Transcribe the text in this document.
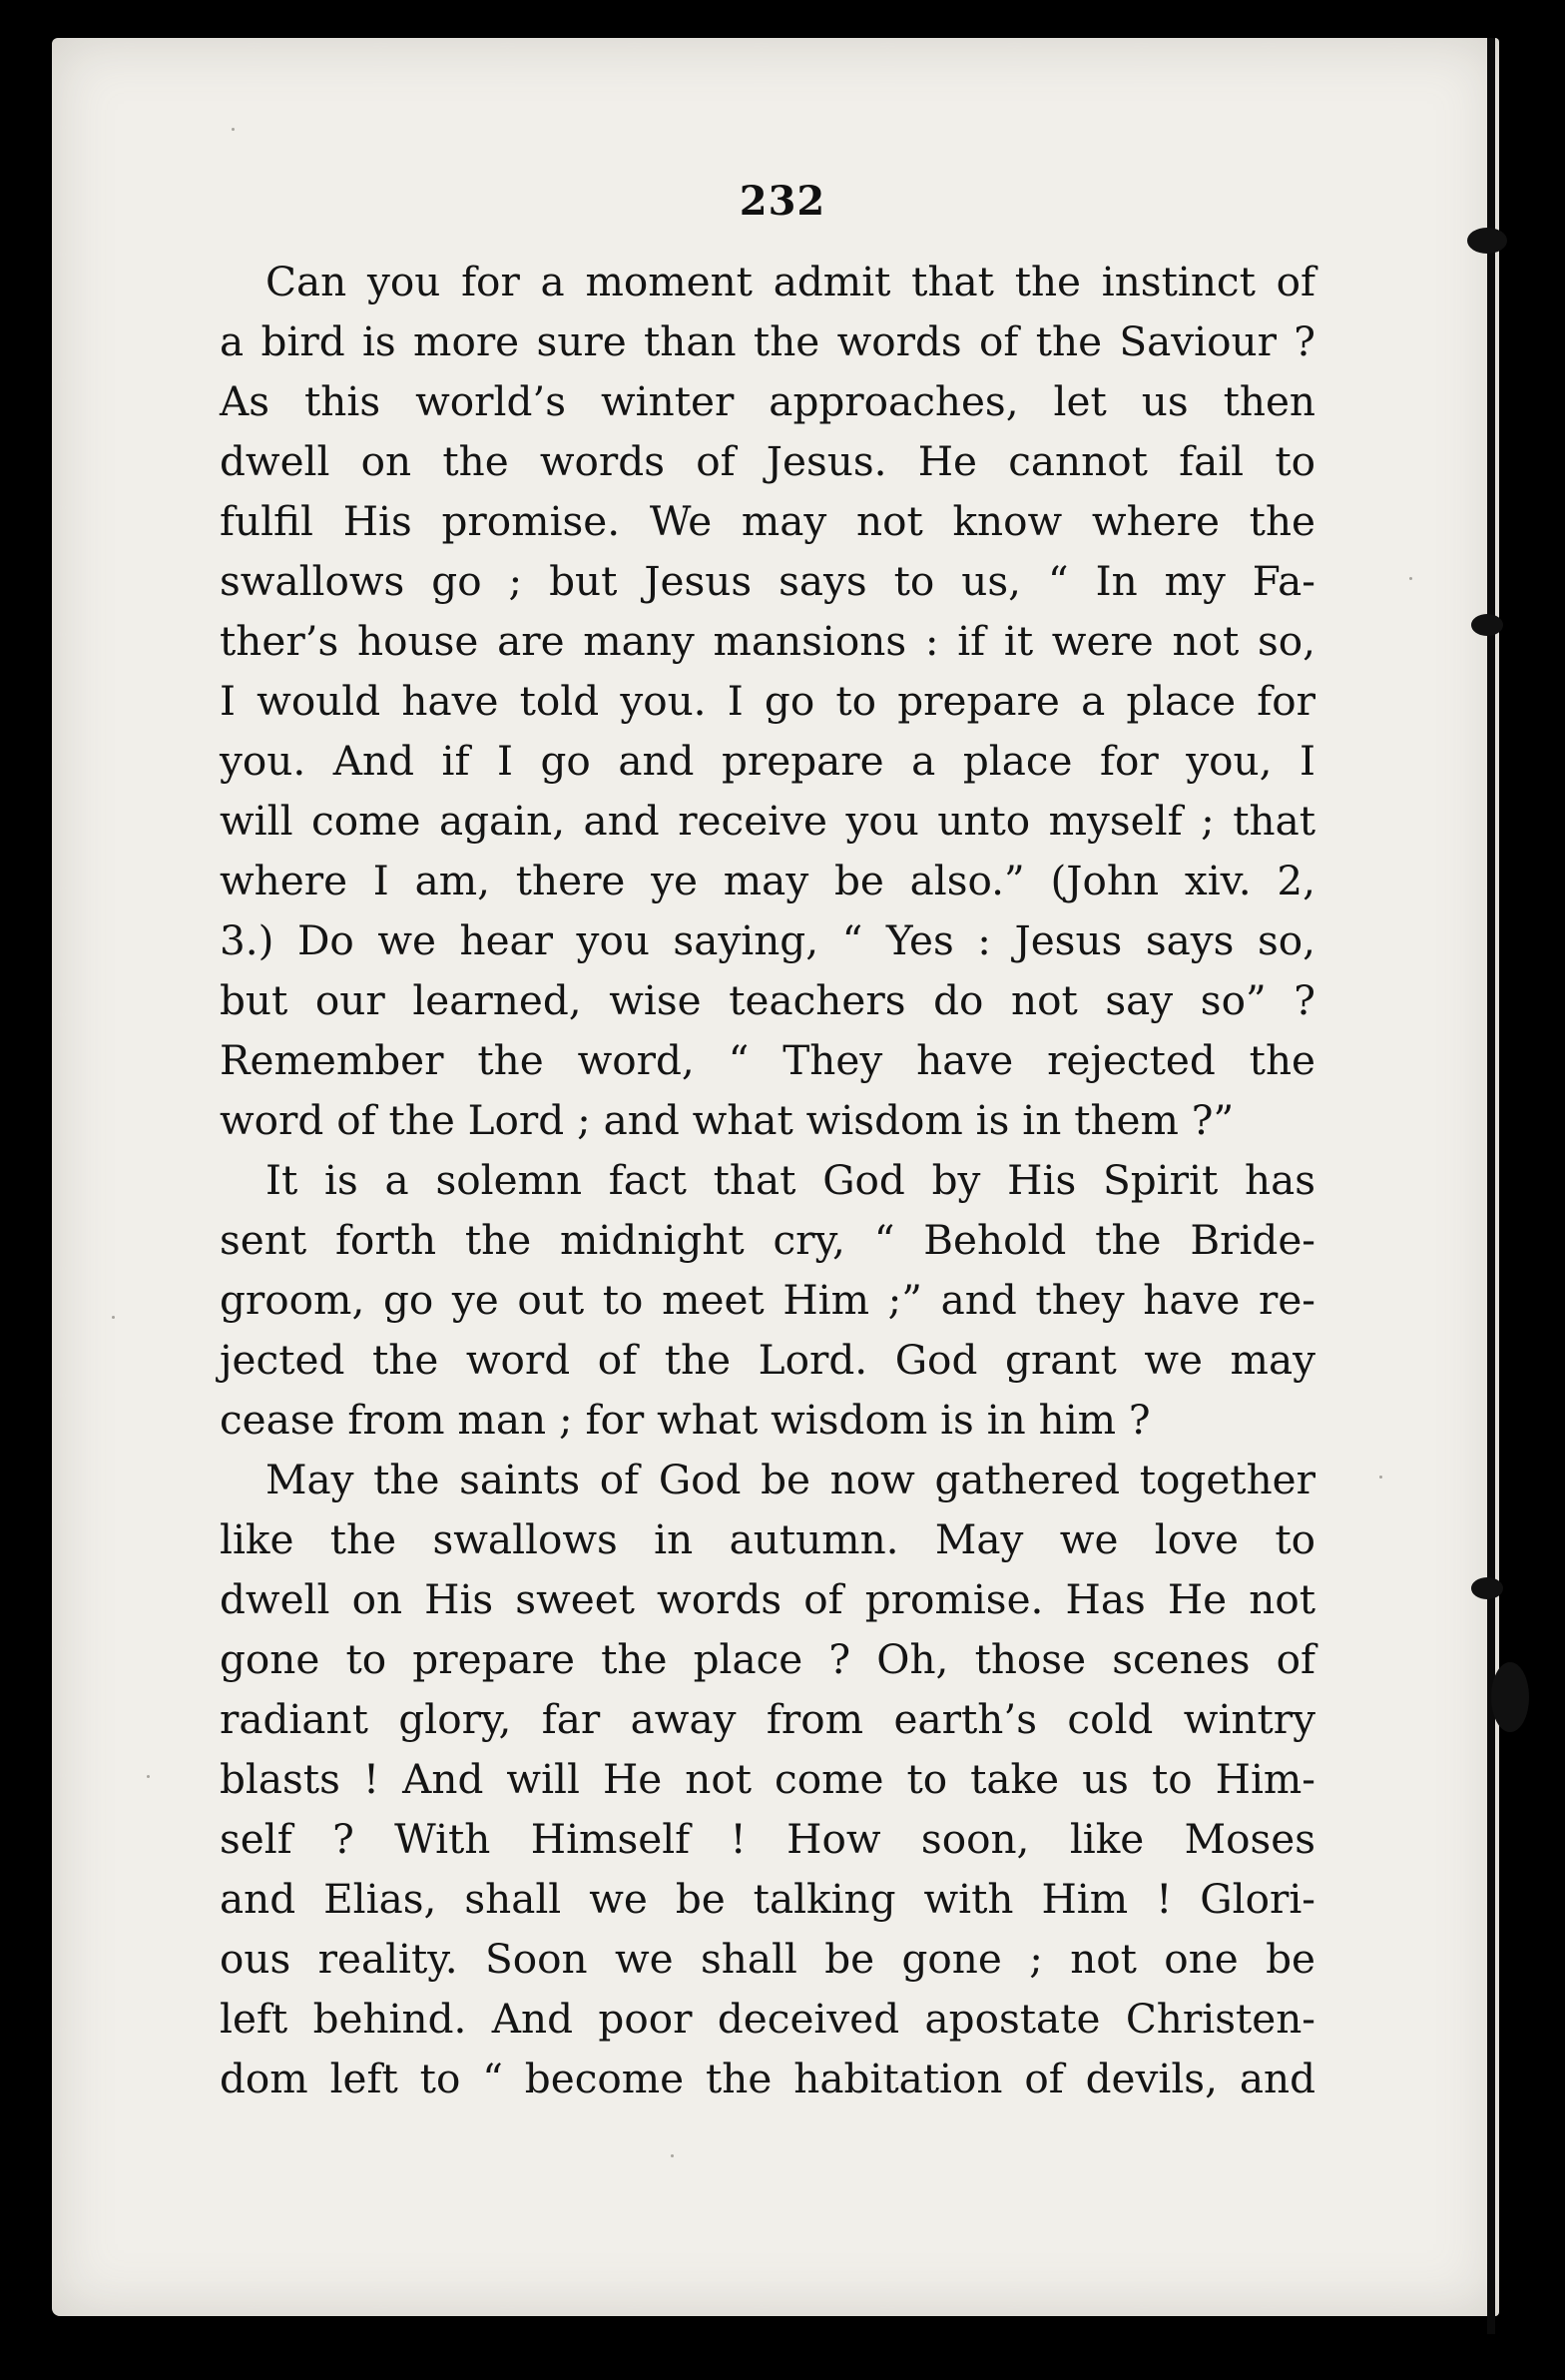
232
Can you for a moment admit that the instinct of
a bird is more sure than the words of the Saviour ?
As this world’s winter approaches, let us then
dwell on the words of Jesus. He cannot fail to
fulfil His promise. We may not know where the
swallows go ; but Jesus says to us, “ In my Fa-
ther’s house are many mansions : if it were not so,
I would have told you. I go to prepare a place for
you. And if I go and prepare a place for you, I
will come again, and receive you unto myself ; that
where I am, there ye may be also.” (John xiv. 2,
3.) Do we hear you saying, “ Yes : Jesus says so,
but our learned, wise teachers do not say so” ?
Remember the word, “ They have rejected the
word of the Lord ; and what wisdom is in them ?”
It is a solemn fact that God by His Spirit has
sent forth the midnight cry, “ Behold the Bride-
groom, go ye out to meet Him ;” and they have re-
jected the word of the Lord. God grant we may
cease from man ; for what wisdom is in him ?
May the saints of God be now gathered together
like the swallows in autumn. May we love to
dwell on His sweet words of promise. Has He not
gone to prepare the place ? Oh, those scenes of
radiant glory, far away from earth’s cold wintry
blasts ! And will He not come to take us to Him-
self ? With Himself ! How soon, like Moses
and Elias, shall we be talking with Him ! Glori-
ous reality. Soon we shall be gone ; not one be
left behind. And poor deceived apostate Christen-
dom left to “ become the habitation of devils, and
